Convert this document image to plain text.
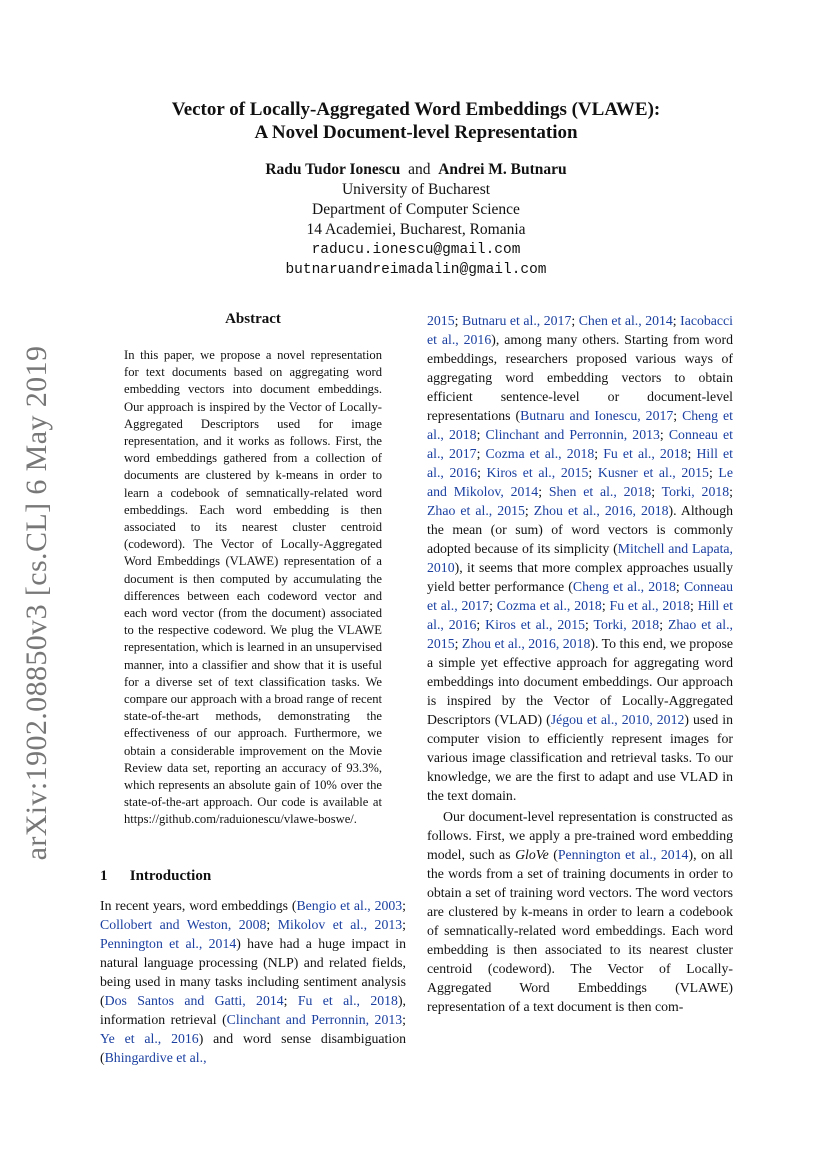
arXiv:1902.08850v3 [cs.CL] 6 May 2019
Vector of Locally-Aggregated Word Embeddings (VLAWE):
A Novel Document-level Representation
Radu Tudor Ionescu and Andrei M. Butnaru
University of Bucharest
Department of Computer Science
14 Academiei, Bucharest, Romania
raducu.ionescu@gmail.com
butnaruandreimadalin@gmail.com
Abstract
In this paper, we propose a novel representation for text documents based on aggregating word embedding vectors into document embeddings. Our approach is inspired by the Vector of Locally-Aggregated Descriptors used for image representation, and it works as follows. First, the word embeddings gathered from a collection of documents are clustered by k-means in order to learn a codebook of semnatically-related word embeddings. Each word embedding is then associated to its nearest cluster centroid (codeword). The Vector of Locally-Aggregated Word Embeddings (VLAWE) representation of a document is then computed by accumulating the differences between each codeword vector and each word vector (from the document) associated to the respective codeword. We plug the VLAWE representation, which is learned in an unsupervised manner, into a classifier and show that it is useful for a diverse set of text classification tasks. We compare our approach with a broad range of recent state-of-the-art methods, demonstrating the effectiveness of our approach. Furthermore, we obtain a considerable improvement on the Movie Review data set, reporting an accuracy of 93.3%, which represents an absolute gain of 10% over the state-of-the-art approach. Our code is available at https://github.com/raduionescu/vlawe-boswe/.
1 Introduction
In recent years, word embeddings (Bengio et al., 2003; Collobert and Weston, 2008; Mikolov et al., 2013; Pennington et al., 2014) have had a huge impact in natural language processing (NLP) and related fields, being used in many tasks including sentiment analysis (Dos Santos and Gatti, 2014; Fu et al., 2018), information retrieval (Clinchant and Perronnin, 2013; Ye et al., 2016) and word sense disambiguation (Bhingardive et al.,

2015; Butnaru et al., 2017; Chen et al., 2014; Iacobacci et al., 2016), among many others. Starting from word embeddings, researchers proposed various ways of aggregating word embedding vectors to obtain efficient sentence-level or document-level representations (Butnaru and Ionescu, 2017; Cheng et al., 2018; Clinchant and Perronnin, 2013; Conneau et al., 2017; Cozma et al., 2018; Fu et al., 2018; Hill et al., 2016; Kiros et al., 2015; Kusner et al., 2015; Le and Mikolov, 2014; Shen et al., 2018; Torki, 2018; Zhao et al., 2015; Zhou et al., 2016, 2018). Although the mean (or sum) of word vectors is commonly adopted because of its simplicity (Mitchell and Lapata, 2010), it seems that more complex approaches usually yield better performance (Cheng et al., 2018; Conneau et al., 2017; Cozma et al., 2018; Fu et al., 2018; Hill et al., 2016; Kiros et al., 2015; Torki, 2018; Zhao et al., 2015; Zhou et al., 2016, 2018). To this end, we propose a simple yet effective approach for aggregating word embeddings into document embeddings. Our approach is inspired by the Vector of Locally-Aggregated Descriptors (VLAD) (Jégou et al., 2010, 2012) used in computer vision to efficiently represent images for various image classification and retrieval tasks. To our knowledge, we are the first to adapt and use VLAD in the text domain.

Our document-level representation is constructed as follows. First, we apply a pre-trained word embedding model, such as GloVe (Pennington et al., 2014), on all the words from a set of training documents in order to obtain a set of training word vectors. The word vectors are clustered by k-means in order to learn a codebook of semnatically-related word embeddings. Each word embedding is then associated to its nearest cluster centroid (codeword). The Vector of Locally-Aggregated Word Embeddings (VLAWE) representation of a text document is then com-
